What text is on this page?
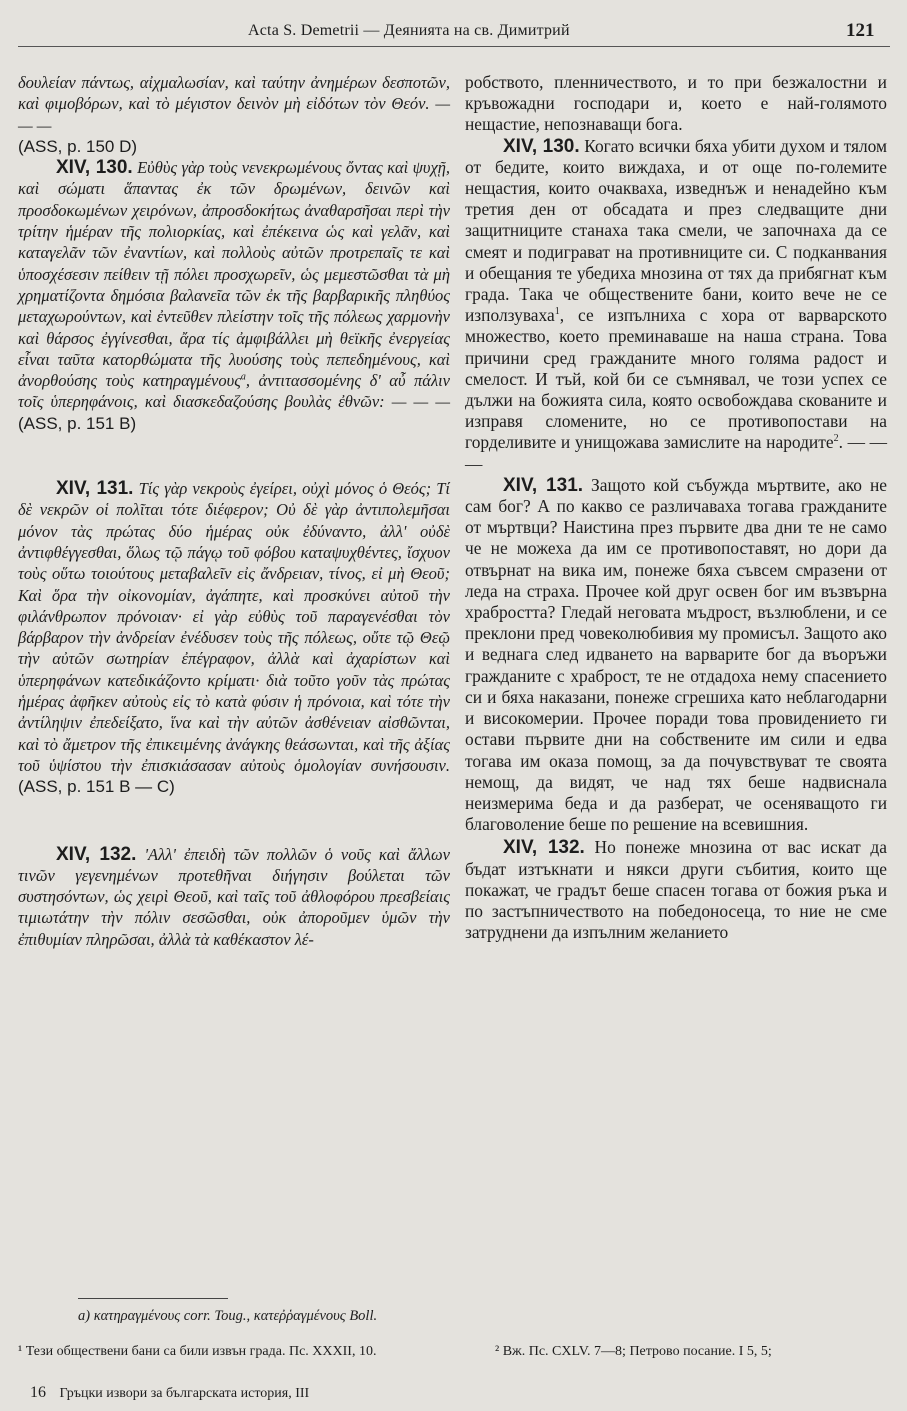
Acta S. Demetrii — Деянията на св. Димитрий	121

δουλείαν πάντως, αἰχμαλωσίαν, καὶ ταύτην ἀνημέρων δεσποτῶν, καὶ φιμοβόρων, καὶ τὸ μέγιστον δεινὸν μὴ εἰδότων τὸν Θεόν. — — —
(ASS, p. 150 D)

XIV, 130. Εὐθὺς γὰρ τοὺς νενεκρωμένους ὄντας καὶ ψυχῇ, καὶ σώματι ἅπαντας ἐκ τῶν δρωμένων, δεινῶν καὶ προσδοκωμένων χειρόνων, ἀπροσδοκήτως ἀναθαρσῆσαι περὶ τὴν τρίτην ἡμέραν τῆς πολιορκίας, καὶ ἐπέκεινα ὡς καὶ γελᾶν, καὶ καταγελᾶν τῶν ἐναντίων, καὶ πολλοὺς αὐτῶν προτρεπαῖς τε καὶ ὑποσχέσεσιν πείθειν τῇ πόλει προσχωρεῖν, ὡς μεμεστῶσθαι τὰ μὴ χρηματίζοντα δημόσια βαλανεῖα τῶν ἐκ τῆς βαρβαρικῆς πληθύος μεταχωρούντων, καὶ ἐντεῦθεν πλείστην τοῖς τῆς πόλεως χαρμονὴν καὶ θάρσος ἐγγίνεσθαι, ἄρα τίς ἀμφιβάλλει μὴ θεϊκῆς ἐνεργείας εἶναι ταῦτα κατορθώματα τῆς λυούσης τοὺς πεπεδημένους, καὶ ἀνορθούσης τοὺς κατηραγμένους$^a$, ἀντιτασσομένης δ' αὖ πάλιν τοῖς ὑπερηφάνοις, καὶ διασκεδαζούσης βουλὰς ἐθνῶν: — — — (ASS, p. 151 B)

XIV, 131. Τίς γὰρ νεκροὺς ἐγείρει, οὐχὶ μόνος ὁ Θεός; Τί δὲ νεκρῶν οἱ πολῖται τότε διέφερον; Οὐ δὲ γὰρ ἀντιπολεμῆσαι μόνον τὰς πρώτας δύο ἡμέρας οὐκ ἐδύναντο, ἀλλ' οὐδὲ ἀντιφθέγγεσθαι, ὅλως τῷ πάγῳ τοῦ φόβου καταψυχθέντες, ἴσχυον τοὺς οὕτω τοιούτους μεταβαλεῖν εἰς ἄνδρειαν, τίνος, εἰ μὴ Θεοῦ; Καὶ ὅρα τὴν οἰκονομίαν, ἀγάπητε, καὶ προσκύνει αὐτοῦ τὴν φιλάνθρωπον πρόνοιαν· εἰ γὰρ εὐθὺς τοῦ παραγενέσθαι τὸν βάρβαρον τὴν ἀνδρείαν ἐνέδυσεν τοὺς τῆς πόλεως, οὔτε τῷ Θεῷ τὴν αὐτῶν σωτηρίαν ἐπέγραφον, ἀλλὰ καὶ ἀχαρίστων καὶ ὑπερηφάνων κατεδικάζοντο κρίματι· διὰ τοῦτο γοῦν τὰς πρώτας ἡμέρας ἀφῆκεν αὐτοὺς εἰς τὸ κατὰ φύσιν ἡ πρόνοια, καὶ τότε τὴν ἀντίληψιν ἐπεδείξατο, ἵνα καὶ τὴν αὐτῶν ἀσθένειαν αἰσθῶνται, καὶ τὸ ἄμετρον τῆς ἐπικειμένης ἀνάγκης θεάσωνται, καὶ τῆς ἀξίας τοῦ ὑψίστου τὴν ἐπισκιάσασαν αὐτοὺς ὁμολογίαν συνήσουσιν. (ASS, p. 151 B — C)

XIV, 132. 'Αλλ' ἐπειδὴ τῶν πολλῶν ὁ νοῦς καὶ ἄλλων τινῶν γεγενημένων προτεθῆναι διήγησιν βούλεται τῶν συστησόντων, ὡς χειρὶ Θεοῦ, καὶ ταῖς τοῦ ἀθλοφόρου πρεσβείαις τιμιωτάτην τὴν πόλιν σεσῶσθαι, οὐκ ἀποροῦμεν ὑμῶν τὴν ἐπιθυμίαν πληρῶσαι, ἀλλὰ τὰ καθέκαστον λέ-

робството, пленничеството, и то при безжалостни и кръвожадни господари и, което е най-голямото нещастие, непознаващи бога.

XIV, 130. Когато всички бяха убити духом и тялом от бедите, които виждаха, и от още по-големите нещастия, които очакваха, изведнъж и ненадейно към третия ден от обсадата и през следващите дни защитниците станаха така смели, че започнаха да се смеят и подиграват на противниците си. С подканвания и обещания те убедиха мнозина от тях да прибягнат към града. Така че обществените бани, които вече не се използуваха$^1$, се изпълниха с хора от варварското множество, което преминаваше на наша страна. Това причини сред гражданите много голяма радост и смелост. И тъй, кой би се съмнявал, че този успех се дължи на божията сила, която освобождава скованите и изправя сломените, но се противопостави на горделивите и унищожава замислите на народите$^2$. — — —

XIV, 131. Защото кой събужда мъртвите, ако не сам бог? А по какво се различаваха тогава гражданите от мъртвци? Наистина през първите два дни те не само че не можеха да им се противопоставят, но дори да отвърнат на вика им, понеже бяха съвсем смразени от леда на страха. Прочее кой друг освен бог им възвърна храбростта? Гледай неговата мъдрост, възлюблени, и се преклони пред човеколюбивия му промисъл. Защото ако и веднага след идването на варварите бог да въоръжи гражданите с храброст, те не отдадоха нему спасението си и бяха наказани, понеже сгрешиха като неблагодарни и високомерии. Прочее поради това провидението ги остави първите дни на собствените им сили и едва тогава им оказа помощ, за да почувствуват те своята немощ, да видят, че над тях беше надвиснала неизмерима беда и да разберат, че осеняващото ги благоволение беше по решение на всевишния.

XIV, 132. Но понеже мнозина от вас искат да бъдат изтъкнати и някси други събития, които ще покажат, че градът беше спасен тогава от божия ръка и по застъпничеството на победоносеца, то ние не сме затруднени да изпълним желанието

a) κατηραγμένους corr. Toug., κατεῤῥαγμένους Boll.
¹ Тези обществени бани са били извън града. Пс. XXXII, 10.	² Вж. Пс. CXLV. 7—8; Петрово посание. I 5, 5;
16 Гръцки извори за българската история, III
